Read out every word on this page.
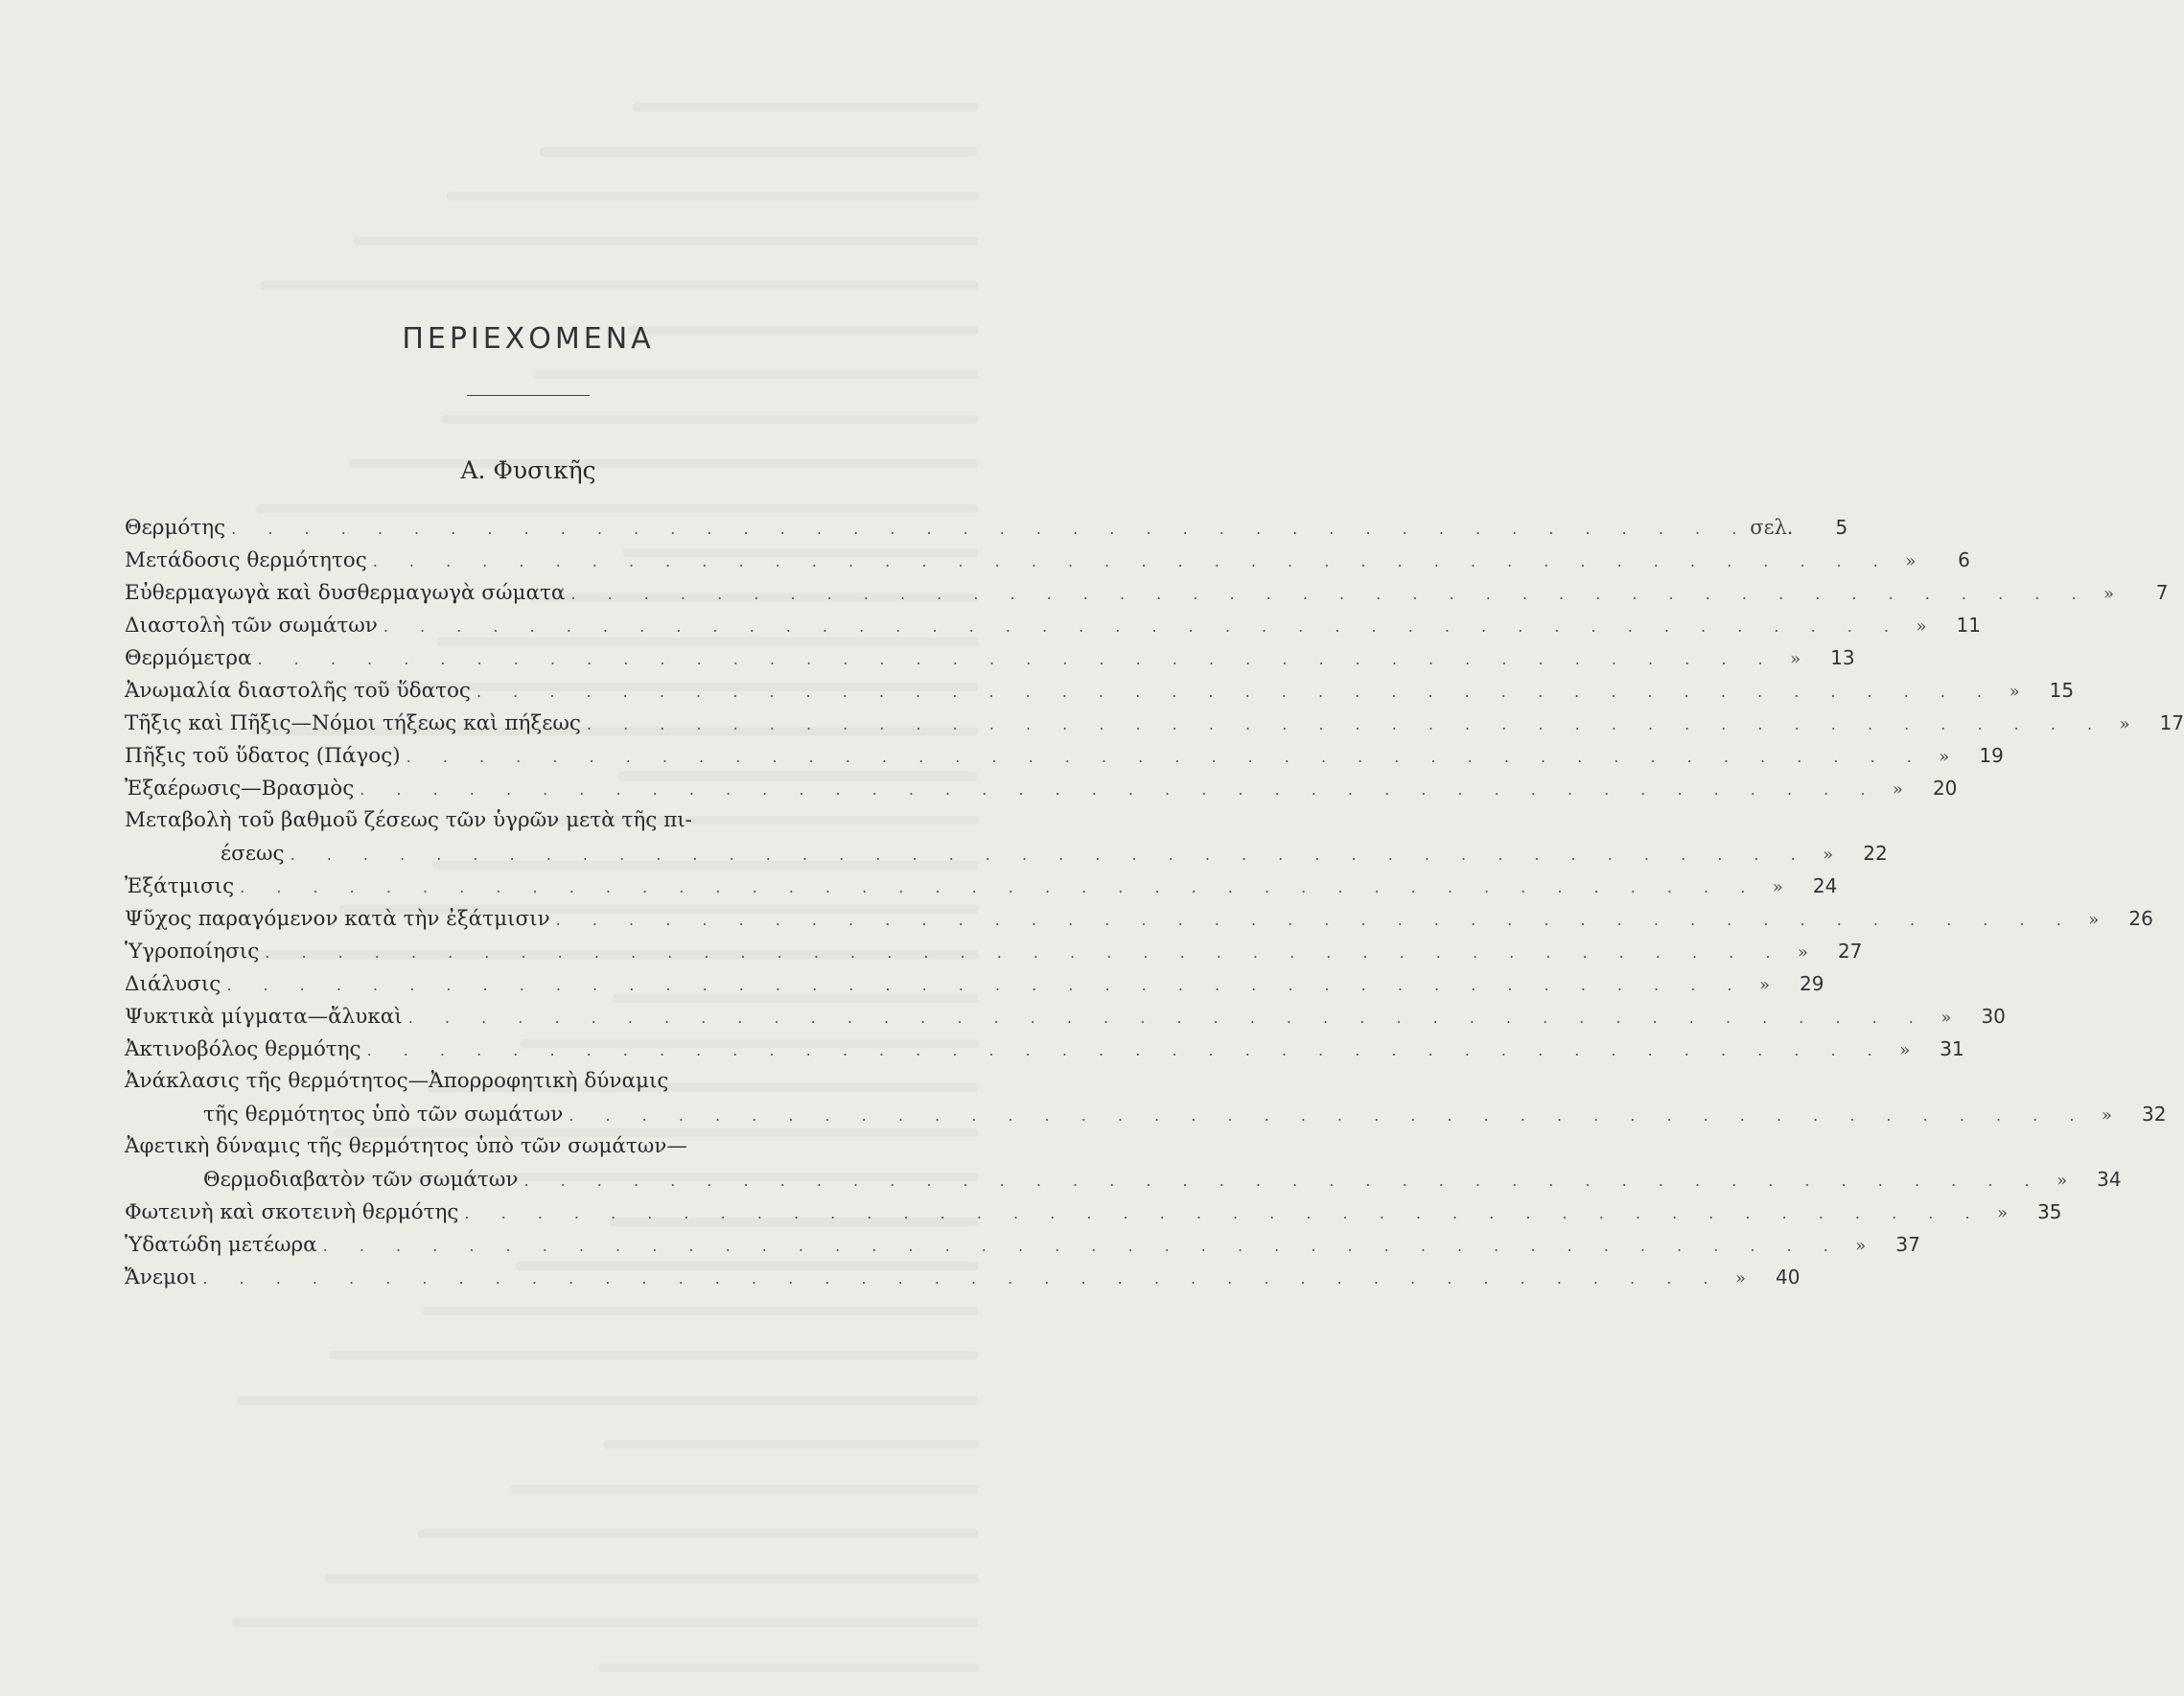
ΠΕΡΙΕΧΟΜΕΝΑ
Α. Φυσικῆς
Θερμότης . . . . . . . . . . . . . . . . . . . . . . . . . . . . . . . . . . . . . . . . . . σελ.	5
Μετάδοσις θερμότητος . . . . . . . . . . . . . . . . . . . . . . . . . . . . . . . . . . . . . . . . . . »	6
Εὐθερμαγωγὰ καὶ δυσθερμαγωγὰ σώματα . . . . . . . . . . . . . . . . . . . . . . . . . . . . . . . . . . . . . . . . . . »	7
Διαστολὴ τῶν σωμάτων . . . . . . . . . . . . . . . . . . . . . . . . . . . . . . . . . . . . . . . . . . »	11
Θερμόμετρα . . . . . . . . . . . . . . . . . . . . . . . . . . . . . . . . . . . . . . . . . . »	13
Ἀνωμαλία διαστολῆς τοῦ ὕδατος . . . . . . . . . . . . . . . . . . . . . . . . . . . . . . . . . . . . . . . . . . »	15
Τῆξις καὶ Πῆξις—Νόμοι τήξεως καὶ πήξεως . . . . . . . . . . . . . . . . . . . . . . . . . . . . . . . . . . . . . . . . . . »	17
Πῆξις τοῦ ὕδατος (Πάγος) . . . . . . . . . . . . . . . . . . . . . . . . . . . . . . . . . . . . . . . . . . »	19
Ἐξαέρωσις—Βρασμὸς . . . . . . . . . . . . . . . . . . . . . . . . . . . . . . . . . . . . . . . . . . »	20
Μεταβολὴ τοῦ βαθμοῦ ζέσεως τῶν ὑγρῶν μετὰ τῆς πι-
έσεως . . . . . . . . . . . . . . . . . . . . . . . . . . . . . . . . . . . . . . . . . . »	22
Ἐξάτμισις . . . . . . . . . . . . . . . . . . . . . . . . . . . . . . . . . . . . . . . . . . »	24
Ψῦχος παραγόμενον κατὰ τὴν ἐξάτμισιν . . . . . . . . . . . . . . . . . . . . . . . . . . . . . . . . . . . . . . . . . . »	26
Ὑγροποίησις . . . . . . . . . . . . . . . . . . . . . . . . . . . . . . . . . . . . . . . . . . »	27
Διάλυσις . . . . . . . . . . . . . . . . . . . . . . . . . . . . . . . . . . . . . . . . . . »	29
Ψυκτικὰ μίγματα—ἄλυκαὶ . . . . . . . . . . . . . . . . . . . . . . . . . . . . . . . . . . . . . . . . . . »	30
Ἀκτινοβόλος θερμότης . . . . . . . . . . . . . . . . . . . . . . . . . . . . . . . . . . . . . . . . . . »	31
Ἀνάκλασις τῆς θερμότητος—Ἀπορροφητικὴ δύναμις
τῆς θερμότητος ὑπὸ τῶν σωμάτων . . . . . . . . . . . . . . . . . . . . . . . . . . . . . . . . . . . . . . . . . . »	32
Ἀφετικὴ δύναμις τῆς θερμότητος ὑπὸ τῶν σωμάτων—
Θερμοδιαβατὸν τῶν σωμάτων . . . . . . . . . . . . . . . . . . . . . . . . . . . . . . . . . . . . . . . . . . »	34
Φωτεινὴ καὶ σκοτεινὴ θερμότης . . . . . . . . . . . . . . . . . . . . . . . . . . . . . . . . . . . . . . . . . . »	35
Ὑδατώδη μετέωρα . . . . . . . . . . . . . . . . . . . . . . . . . . . . . . . . . . . . . . . . . . »	37
Ἄνεμοι . . . . . . . . . . . . . . . . . . . . . . . . . . . . . . . . . . . . . . . . . . »	40
